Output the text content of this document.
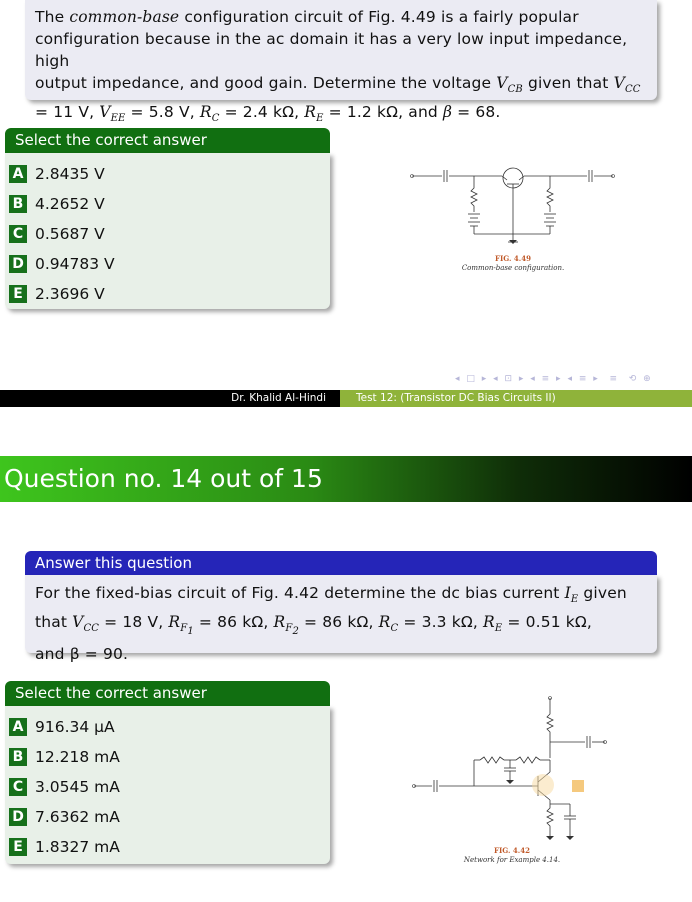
The common-base configuration circuit of Fig. 4.49 is a fairly popular
configuration because in the ac domain it has a very low input impedance, high
output impedance, and good gain. Determine the voltage $V_{CB}$ given that $V_{CC}$
= 11 V, $V_{EE} = 5.8$ V, $R_C = 2.4$ kΩ, $R_E = 1.2$ kΩ, and β = 68.
Select the correct answer
A 2.8435 V
B 4.2652 V
C 0.5687 V
D 0.94783 V
E 2.3696 V
FIG. 4.49
Common-base configuration.
◂ □ ▸ ◂ ⊡ ▸ ◂ ≡ ▸ ◂ ≡ ▸  ≡  ⟲ ⊕
Dr. Khalid Al-Hindi	Test 12: (Transistor DC Bias Circuits II)
Question no. 14 out of 15
Answer this question
For the fixed-bias circuit of Fig. 4.42 determine the dc bias current $I_E$ given
that $V_{CC} = 18$ V, $R_{F_1} = 86$ kΩ, $R_{F_2} = 86$ kΩ, $R_C = 3.3$ kΩ, $R_E = 0.51$ kΩ,
and β = 90.
Select the correct answer
A 916.34 μA
B 12.218 mA
C 3.0545 mA
D 7.6362 mA
E 1.8327 mA	FIG. 4.42
Network for Example 4.14.
